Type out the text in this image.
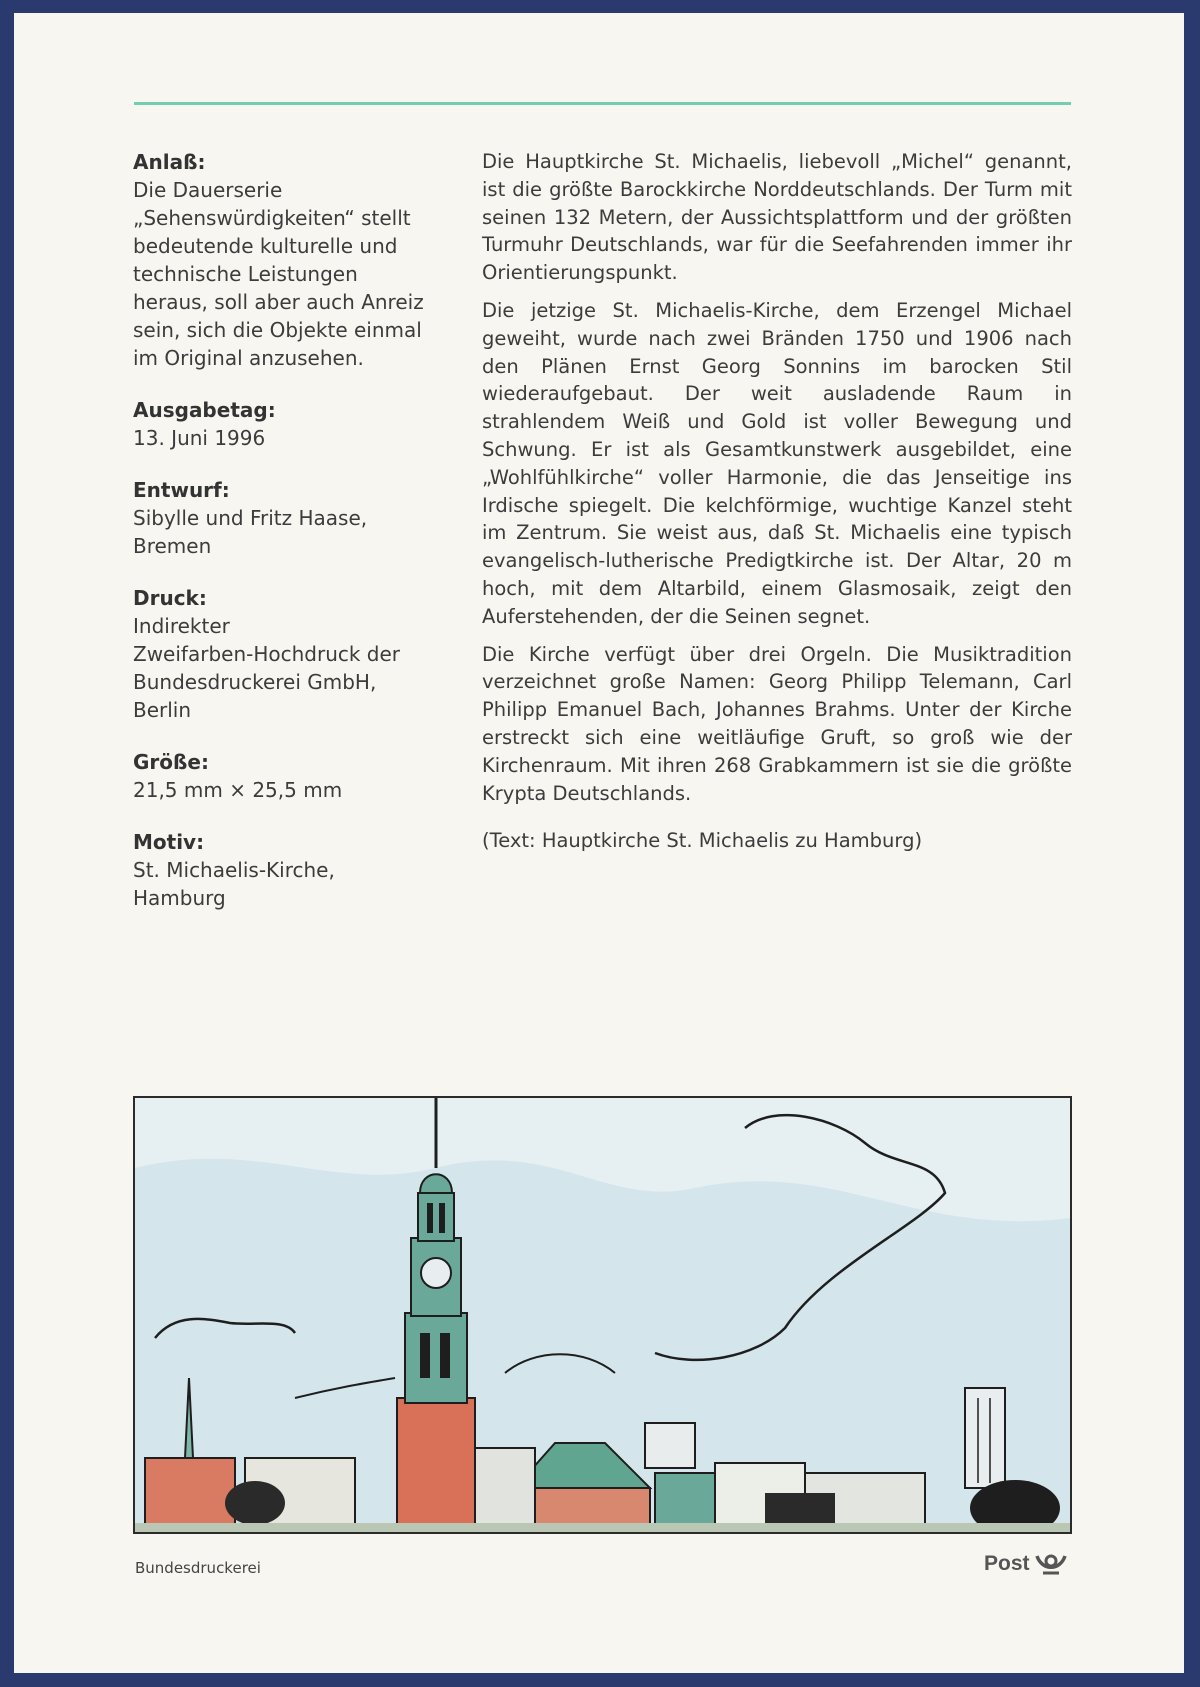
Anlaß:
Die Dauerserie
„Sehenswürdigkeiten“ stellt
bedeutende kulturelle und
technische Leistungen
heraus, soll aber auch Anreiz
sein, sich die Objekte einmal
im Original anzusehen.
Ausgabetag:
13. Juni 1996
Entwurf:
Sibylle und Fritz Haase,
Bremen
Druck:
Indirekter
Zweifarben-Hochdruck der
Bundesdruckerei GmbH,
Berlin
Größe:
21,5 mm × 25,5 mm
Motiv:
St. Michaelis-Kirche,
Hamburg

Die Hauptkirche St. Michaelis, liebevoll „Michel“ genannt, ist die größte Barockkirche Norddeutschlands. Der Turm mit seinen 132 Metern, der Aussichtsplattform und der größten Turmuhr Deutschlands, war für die Seefahrenden immer ihr Orientierungspunkt.

Die jetzige St. Michaelis-Kirche, dem Erzengel Michael geweiht, wurde nach zwei Bränden 1750 und 1906 nach den Plänen Ernst Georg Sonnins im barocken Stil wiederaufgebaut. Der weit ausladende Raum in strahlendem Weiß und Gold ist voller Bewegung und Schwung. Er ist als Gesamtkunstwerk ausgebildet, eine „Wohlfühlkirche“ voller Harmonie, die das Jenseitige ins Irdische spiegelt. Die kelchförmige, wuchtige Kanzel steht im Zentrum. Sie weist aus, daß St. Michaelis eine typisch evangelisch-lutherische Predigtkirche ist. Der Altar, 20 m hoch, mit dem Altarbild, einem Glasmosaik, zeigt den Auferstehenden, der die Seinen segnet.

Die Kirche verfügt über drei Orgeln. Die Musiktradition verzeichnet große Namen: Georg Philipp Telemann, Carl Philipp Emanuel Bach, Johannes Brahms. Unter der Kirche erstreckt sich eine weitläufige Gruft, so groß wie der Kirchenraum. Mit ihren 268 Grabkammern ist sie die größte Krypta Deutschlands.

(Text: Hauptkirche St. Michaelis zu Hamburg)

Bundesdruckerei	Post
